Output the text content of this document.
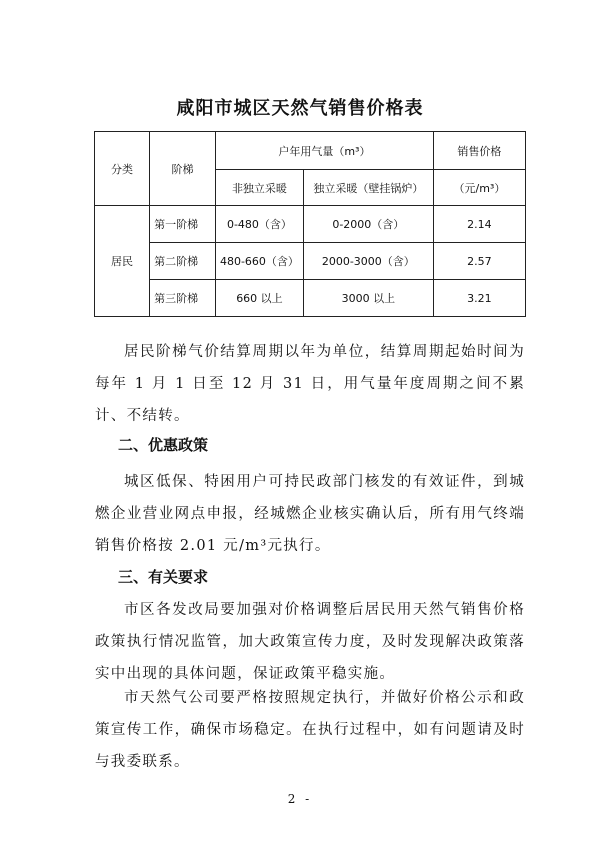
咸阳市城区天然气销售价格表
分类	阶梯	户年用气量（m³）		销售价格
		非独立采暖	独立采暖（壁挂锅炉）	（元/m³）
居民	第一阶梯	0-480（含）	0-2000（含）	2.14
	第二阶梯	480-660（含）	2000-3000（含）	2.57
	第三阶梯	660 以上	3000 以上	3.21

居民阶梯气价结算周期以年为单位，结算周期起始时间为每年 1 月 1 日至 12 月 31 日，用气量年度周期之间不累计、不结转。

二、优惠政策

城区低保、特困用户可持民政部门核发的有效证件，到城燃企业营业网点申报，经城燃企业核实确认后，所有用气终端销售价格按 2.01 元/m³元执行。

三、有关要求

市区各发改局要加强对价格调整后居民用天然气销售价格政策执行情况监管，加大政策宣传力度，及时发现解决政策落实中出现的具体问题，保证政策平稳实施。

市天然气公司要严格按照规定执行，并做好价格公示和政策宣传工作，确保市场稳定。在执行过程中，如有问题请及时与我委联系。

2 -
